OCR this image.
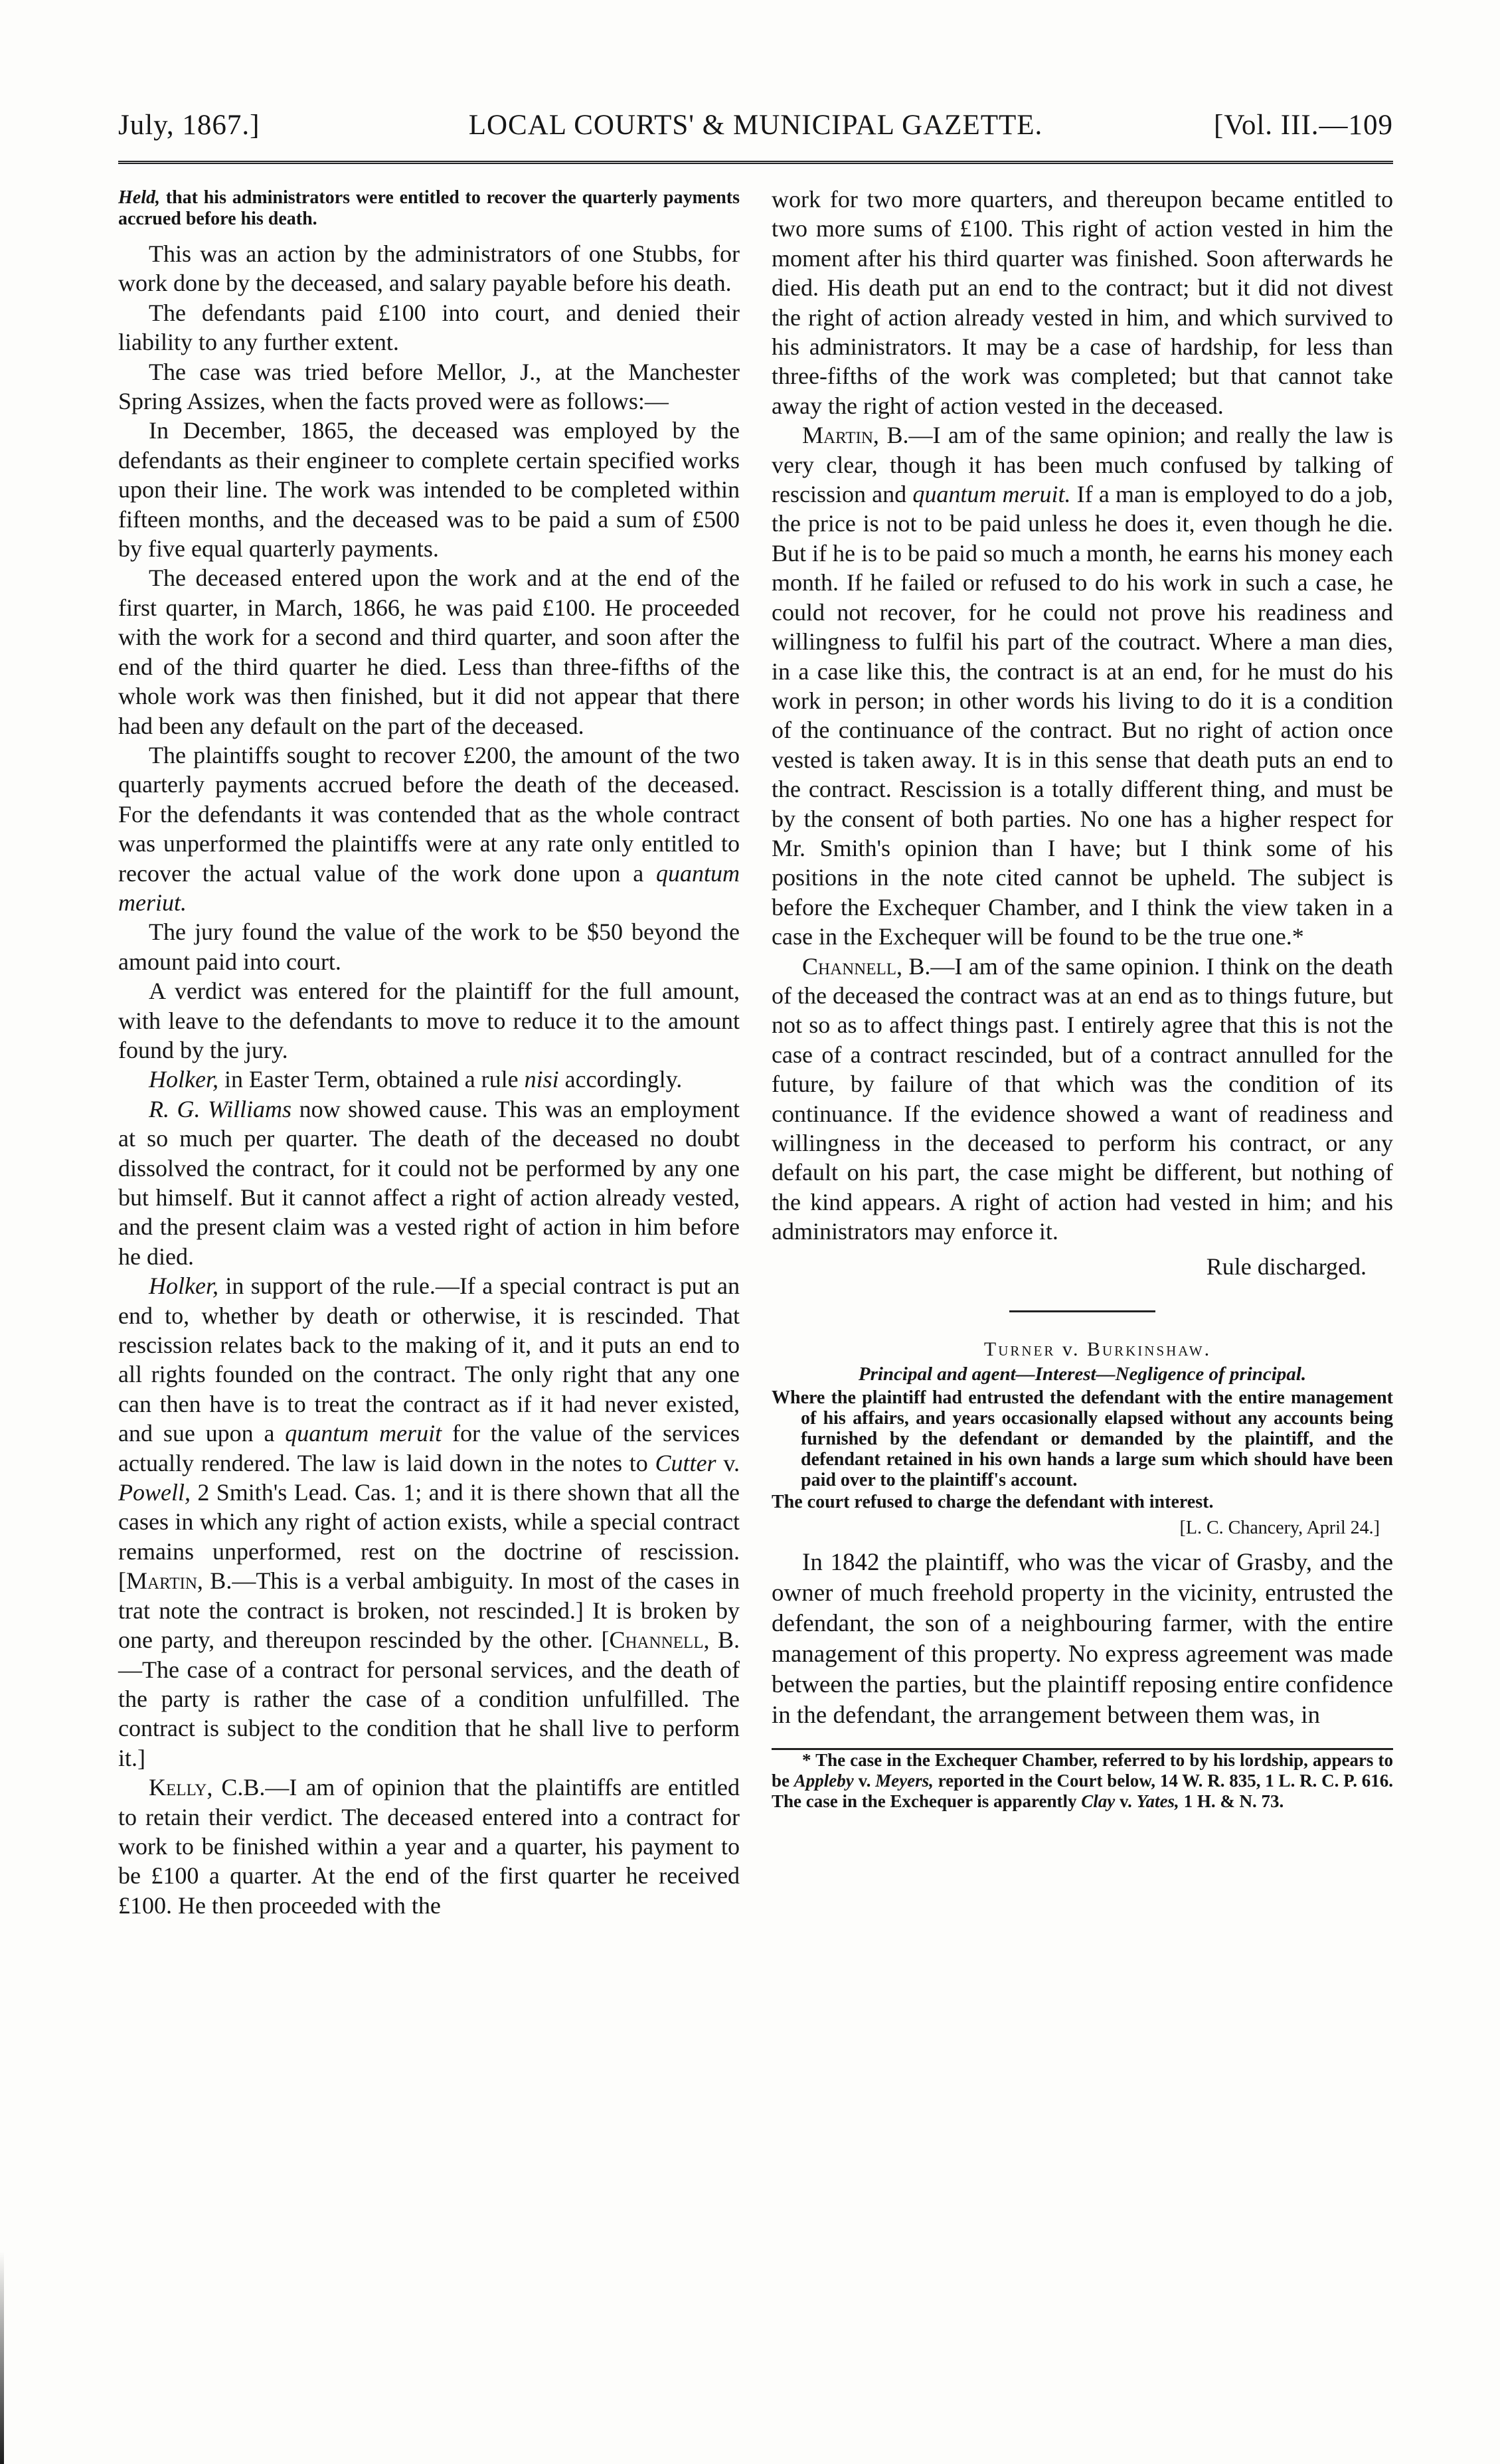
July, 1867.]	LOCAL COURTS' & MUNICIPAL GAZETTE.	[Vol. III.—109

Held, that his administrators were entitled to recover the quarterly payments accrued before his death.

This was an action by the administrators of one Stubbs, for work done by the deceased, and salary payable before his death.

The defendants paid £100 into court, and denied their liability to any further extent.

The case was tried before Mellor, J., at the Manchester Spring Assizes, when the facts proved were as follows:—

In December, 1865, the deceased was employed by the defendants as their engineer to complete certain specified works upon their line. The work was intended to be completed within fifteen months, and the deceased was to be paid a sum of £500 by five equal quarterly payments.

The deceased entered upon the work and at the end of the first quarter, in March, 1866, he was paid £100. He proceeded with the work for a second and third quarter, and soon after the end of the third quarter he died. Less than three-fifths of the whole work was then finished, but it did not appear that there had been any default on the part of the deceased.

The plaintiffs sought to recover £200, the amount of the two quarterly payments accrued before the death of the deceased. For the defendants it was contended that as the whole contract was unperformed the plaintiffs were at any rate only entitled to recover the actual value of the work done upon a quantum meriut.

The jury found the value of the work to be $50 beyond the amount paid into court.

A verdict was entered for the plaintiff for the full amount, with leave to the defendants to move to reduce it to the amount found by the jury.

Holker, in Easter Term, obtained a rule nisi accordingly.

R. G. Williams now showed cause. This was an employment at so much per quarter. The death of the deceased no doubt dissolved the contract, for it could not be performed by any one but himself. But it cannot affect a right of action already vested, and the present claim was a vested right of action in him before he died.

Holker, in support of the rule.—If a special contract is put an end to, whether by death or otherwise, it is rescinded. That rescission relates back to the making of it, and it puts an end to all rights founded on the contract. The only right that any one can then have is to treat the contract as if it had never existed, and sue upon a quantum meruit for the value of the services actually rendered. The law is laid down in the notes to Cutter v. Powell, 2 Smith's Lead. Cas. 1; and it is there shown that all the cases in which any right of action exists, while a special contract remains unperformed, rest on the doctrine of rescission. [Martin, B.—This is a verbal ambiguity. In most of the cases in trat note the contract is broken, not rescinded.] It is broken by one party, and thereupon rescinded by the other. [Channell, B.—The case of a contract for personal services, and the death of the party is rather the case of a condition unfulfilled. The contract is subject to the condition that he shall live to perform it.]

Kelly, C.B.—I am of opinion that the plaintiffs are entitled to retain their verdict. The deceased entered into a contract for work to be finished within a year and a quarter, his payment to be £100 a quarter. At the end of the first quarter he received £100. He then proceeded with the

work for two more quarters, and thereupon became entitled to two more sums of £100. This right of action vested in him the moment after his third quarter was finished. Soon afterwards he died. His death put an end to the contract; but it did not divest the right of action already vested in him, and which survived to his administrators. It may be a case of hardship, for less than three-fifths of the work was completed; but that cannot take away the right of action vested in the deceased.

Martin, B.—I am of the same opinion; and really the law is very clear, though it has been much confused by talking of rescission and quantum meruit. If a man is employed to do a job, the price is not to be paid unless he does it, even though he die. But if he is to be paid so much a month, he earns his money each month. If he failed or refused to do his work in such a case, he could not recover, for he could not prove his readiness and willingness to fulfil his part of the coutract. Where a man dies, in a case like this, the contract is at an end, for he must do his work in person; in other words his living to do it is a condition of the continuance of the contract. But no right of action once vested is taken away. It is in this sense that death puts an end to the contract. Rescission is a totally different thing, and must be by the consent of both parties. No one has a higher respect for Mr. Smith's opinion than I have; but I think some of his positions in the note cited cannot be upheld. The subject is before the Exchequer Chamber, and I think the view taken in a case in the Exchequer will be found to be the true one.*

Channell, B.—I am of the same opinion. I think on the death of the deceased the contract was at an end as to things future, but not so as to affect things past. I entirely agree that this is not the case of a contract rescinded, but of a contract annulled for the future, by failure of that which was the condition of its continuance. If the evidence showed a want of readiness and willingness in the deceased to perform his contract, or any default on his part, the case might be different, but nothing of the kind appears. A right of action had vested in him; and his administrators may enforce it.

Rule discharged.

Turner v. Burkinshaw.

Principal and agent—Interest—Negligence of principal.
Where the plaintiff had entrusted the defendant with the entire management of his affairs, and years occasionally elapsed without any accounts being furnished by the defendant or demanded by the plaintiff, and the defendant retained in his own hands a large sum which should have been paid over to the plaintiff's account.
The court refused to charge the defendant with interest.
[L. C. Chancery, April 24.]

In 1842 the plaintiff, who was the vicar of Grasby, and the owner of much freehold property in the vicinity, entrusted the defendant, the son of a neighbouring farmer, with the entire management of this property. No express agreement was made between the parties, but the plaintiff reposing entire confidence in the defendant, the arrangement between them was, in

* The case in the Exchequer Chamber, referred to by his lordship, appears to be Appleby v. Meyers, reported in the Court below, 14 W. R. 835, 1 L. R. C. P. 616. The case in the Exchequer is apparently Clay v. Yates, 1 H. & N. 73.
